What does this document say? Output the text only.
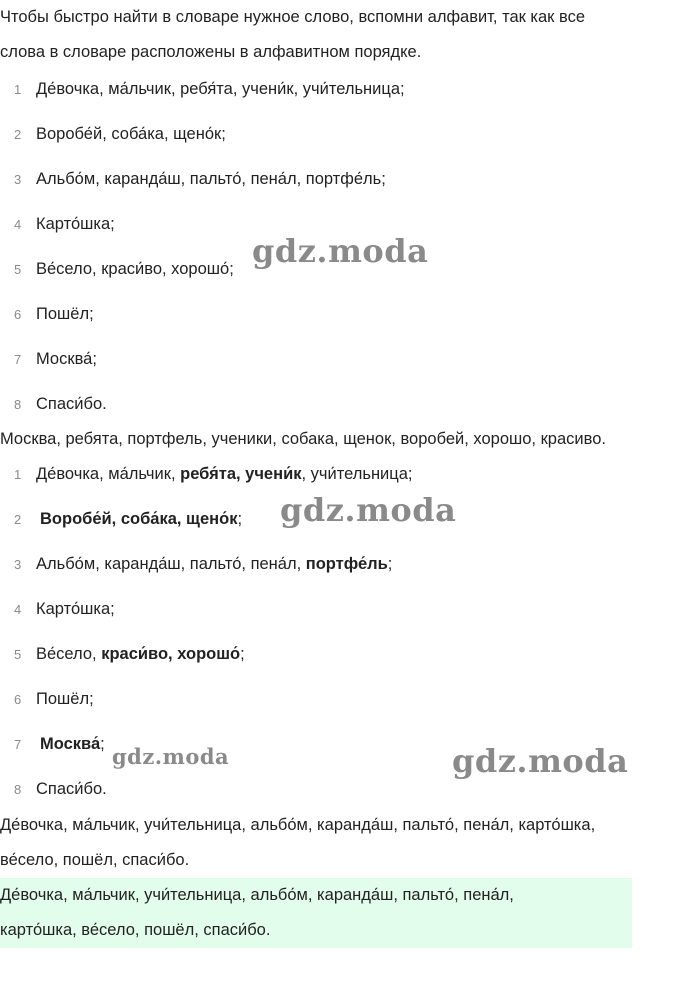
Чтобы быстро найти в словаре нужное слово, вспомни алфавит, так как все
слова в словаре расположены в алфавитном порядке.
1 Де́вочка, ма́льчик, ребя́та, учени́к, учи́тельница;
2 Воробе́й, соба́ка, щено́к;
3 Альбо́м, каранда́ш, пальто́, пена́л, портфе́ль;
4 Карто́шка;
5 Ве́село, краси́во, хорошо́;
6 Пошёл;
7 Москва́;
8 Спаси́бо.
Москва, ребята, портфель, ученики, собака, щенок, воробей, хорошо, красиво.
1 Де́вочка, ма́льчик, ребя́та, учени́к, учи́тельница;
2	Воробе́й, соба́ка, щено́к;
3 Альбо́м, каранда́ш, пальто́, пена́л, портфе́ль;
4 Карто́шка;
5 Ве́село, краси́во, хорошо́;
6 Пошёл;
7	Москва́;
8 Спаси́бо.
Де́вочка, ма́льчик, учи́тельница, альбо́м, каранда́ш, пальто́, пена́л, карто́шка,
ве́село, пошёл, спаси́бо.
Де́вочка, ма́льчик, учи́тельница, альбо́м, каранда́ш, пальто́, пена́л,
карто́шка, ве́село, пошёл, спаси́бо.
gdz.moda
gdz.moda
gdz.moda	gdz.moda
